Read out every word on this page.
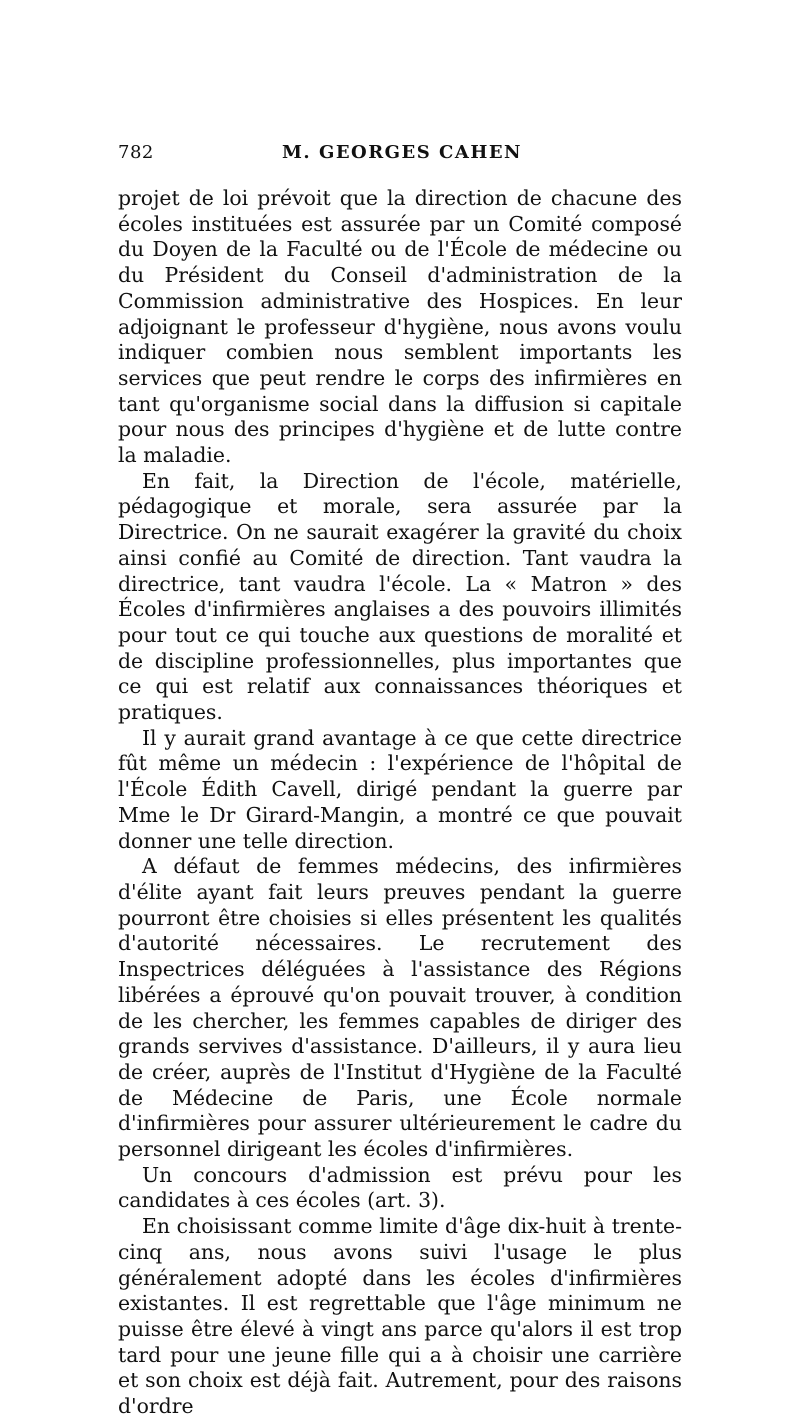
782	M. GEORGES CAHEN

projet de loi prévoit que la direction de chacune des écoles instituées est assurée par un Comité composé du Doyen de la Faculté ou de l'École de médecine ou du Président du Conseil d'administration de la Commission administrative des Hospices. En leur adjoignant le professeur d'hygiène, nous avons voulu indiquer combien nous semblent importants les services que peut rendre le corps des infirmières en tant qu'organisme social dans la diffusion si capitale pour nous des principes d'hygiène et de lutte contre la maladie.

En fait, la Direction de l'école, matérielle, pédagogique et morale, sera assurée par la Directrice. On ne saurait exagérer la gravité du choix ainsi confié au Comité de direction. Tant vaudra la directrice, tant vaudra l'école. La « Matron » des Écoles d'infirmières anglaises a des pouvoirs illimités pour tout ce qui touche aux questions de moralité et de discipline professionnelles, plus importantes que ce qui est relatif aux connaissances théoriques et pratiques.

Il y aurait grand avantage à ce que cette directrice fût même un médecin : l'expérience de l'hôpital de l'École Édith Cavell, dirigé pendant la guerre par Mme le Dr Girard-Mangin, a montré ce que pouvait donner une telle direction.

A défaut de femmes médecins, des infirmières d'élite ayant fait leurs preuves pendant la guerre pourront être choisies si elles présentent les qualités d'autorité nécessaires. Le recrutement des Inspectrices déléguées à l'assistance des Régions libérées a éprouvé qu'on pouvait trouver, à condition de les chercher, les femmes capables de diriger des grands servives d'assistance. D'ailleurs, il y aura lieu de créer, auprès de l'Institut d'Hygiène de la Faculté de Médecine de Paris, une École normale d'infirmières pour assurer ultérieurement le cadre du personnel dirigeant les écoles d'infirmières.

Un concours d'admission est prévu pour les candidates à ces écoles (art. 3).

En choisissant comme limite d'âge dix-huit à trente-cinq ans, nous avons suivi l'usage le plus généralement adopté dans les écoles d'infirmières existantes. Il est regrettable que l'âge minimum ne puisse être élevé à vingt ans parce qu'alors il est trop tard pour une jeune fille qui a à choisir une carrière et son choix est déjà fait. Autrement, pour des raisons d'ordre
